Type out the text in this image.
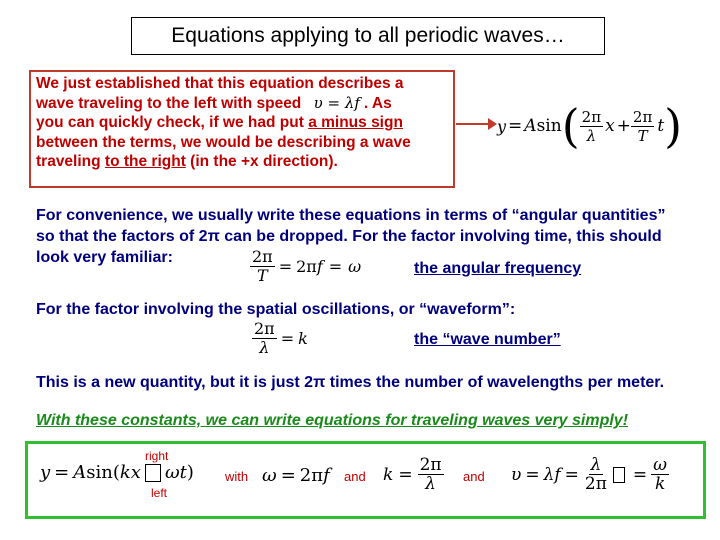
Equations applying to all periodic waves…
We just established that this equation describes a
wave traveling to the left with speed υ = λf . As
you can quickly check, if we had put a minus sign
between the terms, we would be describing a wave
traveling to the right (in the +x direction).
y = A sin ( $\frac{2\pi}{\lambda}$ $x + \frac{2\pi}{T}$ t )
For convenience, we usually write these equations in terms of “angular quantities”
so that the factors of 2π can be dropped. For the factor involving time, this should
look very familiar:	$\frac{2\pi}{T} = 2\pi$ f = ω	the angular frequency
For the factor involving the spatial oscillations, or “waveform”:
$\frac{2\pi}{\lambda} = k$	the “wave number”
This is a new quantity, but it is just 2π times the number of wavelengths per meter.
With these constants, we can write equations for traveling waves very simply!
right
left
y = A sin( kx ωt ) with ω = 2π f and $k = \frac{2\pi}{\lambda}$ and $\upsilon = \lambda f = \frac{\lambda}{2\pi} = \frac{\omega}{k}$
